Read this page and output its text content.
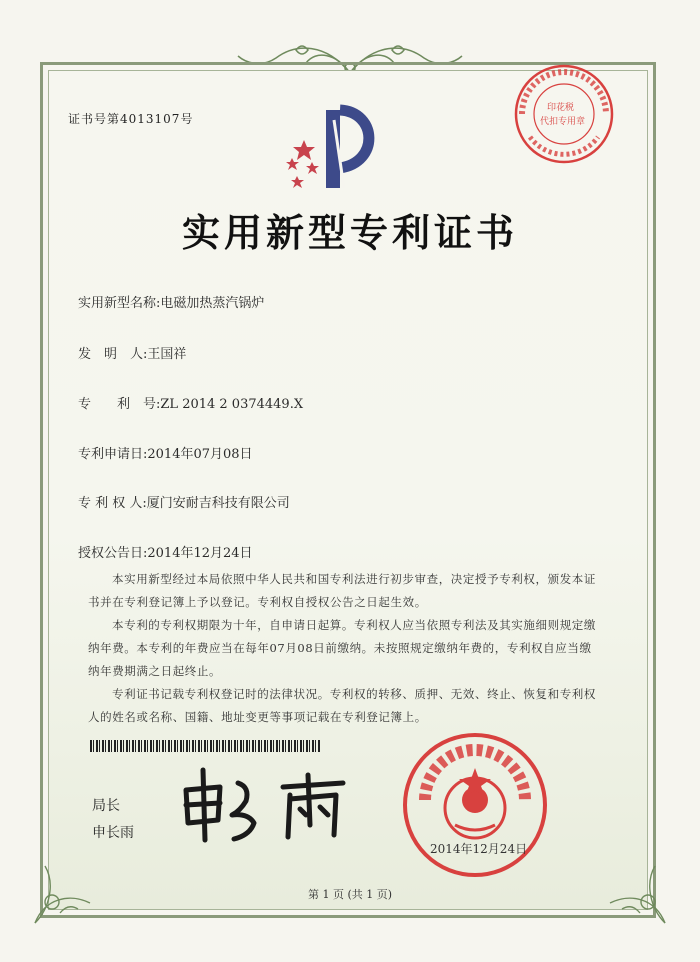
证书号第4013107号
实用新型专利证书
实用新型名称:电磁加热蒸汽锅炉
发　明　人:王国祥
专　　利　号:ZL 2014 2 0374449.X
专利申请日:2014年07月08日
专 利 权 人:厦门安耐吉科技有限公司
授权公告日:2014年12月24日
本实用新型经过本局依照中华人民共和国专利法进行初步审查，决定授予专利权，颁发本证书并在专利登记簿上予以登记。专利权自授权公告之日起生效。
本专利的专利权期限为十年，自申请日起算。专利权人应当依照专利法及其实施细则规定缴纳年费。本专利的年费应当在每年07月08日前缴纳。未按照规定缴纳年费的，专利权自应当缴纳年费期满之日起终止。
专利证书记载专利权登记时的法律状况。专利权的转移、质押、无效、终止、恢复和专利权人的姓名或名称、国籍、地址变更等事项记载在专利登记簿上。
局长
申长雨
2014年12月24日
印花税
代扣专用章
第 1 页 (共 1 页)
